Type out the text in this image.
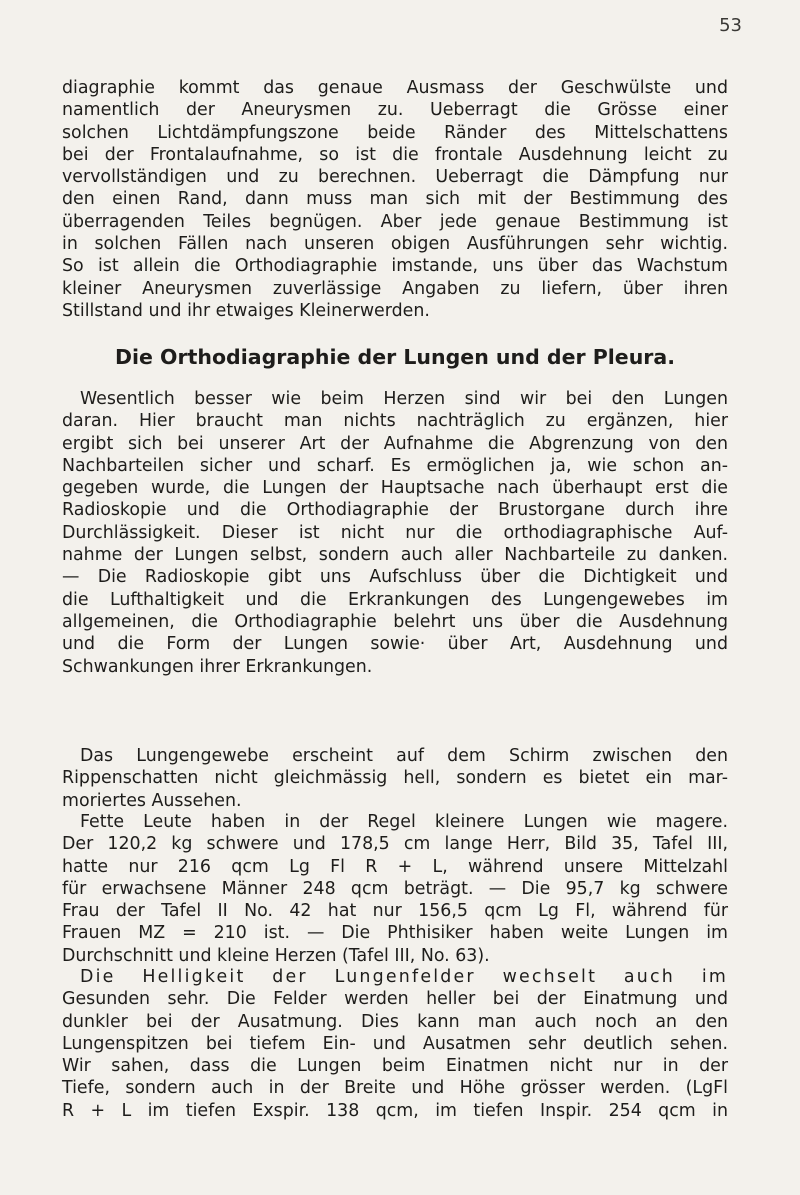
53
diagraphie kommt das genaue Ausmass der Geschwülste und
namentlich der Aneurysmen zu. Ueberragt die Grösse einer
solchen Lichtdämpfungszone beide Ränder des Mittelschattens
bei der Frontalaufnahme, so ist die frontale Ausdehnung leicht zu
vervollständigen und zu berechnen. Ueberragt die Dämpfung nur
den einen Rand, dann muss man sich mit der Bestimmung des
überragenden Teiles begnügen. Aber jede genaue Bestimmung ist
in solchen Fällen nach unseren obigen Ausführungen sehr wichtig.
So ist allein die Orthodiagraphie imstande, uns über das Wachstum
kleiner Aneurysmen zuverlässige Angaben zu liefern, über ihren
Stillstand und ihr etwaiges Kleinerwerden.
Die Orthodiagraphie der Lungen und der Pleura.
Wesentlich besser wie beim Herzen sind wir bei den Lungen
daran. Hier braucht man nichts nachträglich zu ergänzen, hier
ergibt sich bei unserer Art der Aufnahme die Abgrenzung von den
Nachbarteilen sicher und scharf. Es ermöglichen ja, wie schon an-
gegeben wurde, die Lungen der Hauptsache nach überhaupt erst die
Radioskopie und die Orthodiagraphie der Brustorgane durch ihre
Durchlässigkeit. Dieser ist nicht nur die orthodiagraphische Auf-
nahme der Lungen selbst, sondern auch aller Nachbarteile zu danken.
— Die Radioskopie gibt uns Aufschluss über die Dichtigkeit und
die Lufthaltigkeit und die Erkrankungen des Lungengewebes im
allgemeinen, die Orthodiagraphie belehrt uns über die Ausdehnung
und die Form der Lungen sowie· über Art, Ausdehnung und
Schwankungen ihrer Erkrankungen.
Das Lungengewebe erscheint auf dem Schirm zwischen den
Rippenschatten nicht gleichmässig hell, sondern es bietet ein mar-
moriertes Aussehen.
Fette Leute haben in der Regel kleinere Lungen wie magere.
Der 120,2 kg schwere und 178,5 cm lange Herr, Bild 35, Tafel III,
hatte nur 216 qcm Lg Fl R + L, während unsere Mittelzahl
für erwachsene Männer 248 qcm beträgt. — Die 95,7 kg schwere
Frau der Tafel II No. 42 hat nur 156,5 qcm Lg Fl, während für
Frauen MZ = 210 ist. — Die Phthisiker haben weite Lungen im
Durchschnitt und kleine Herzen (Tafel III, No. 63).
Die Helligkeit der Lungenfelder wechselt auch im
Gesunden sehr. Die Felder werden heller bei der Einatmung und
dunkler bei der Ausatmung. Dies kann man auch noch an den
Lungenspitzen bei tiefem Ein- und Ausatmen sehr deutlich sehen.
Wir sahen, dass die Lungen beim Einatmen nicht nur in der
Tiefe, sondern auch in der Breite und Höhe grösser werden. (LgFl
R + L im tiefen Exspir. 138 qcm, im tiefen Inspir. 254 qcm in
